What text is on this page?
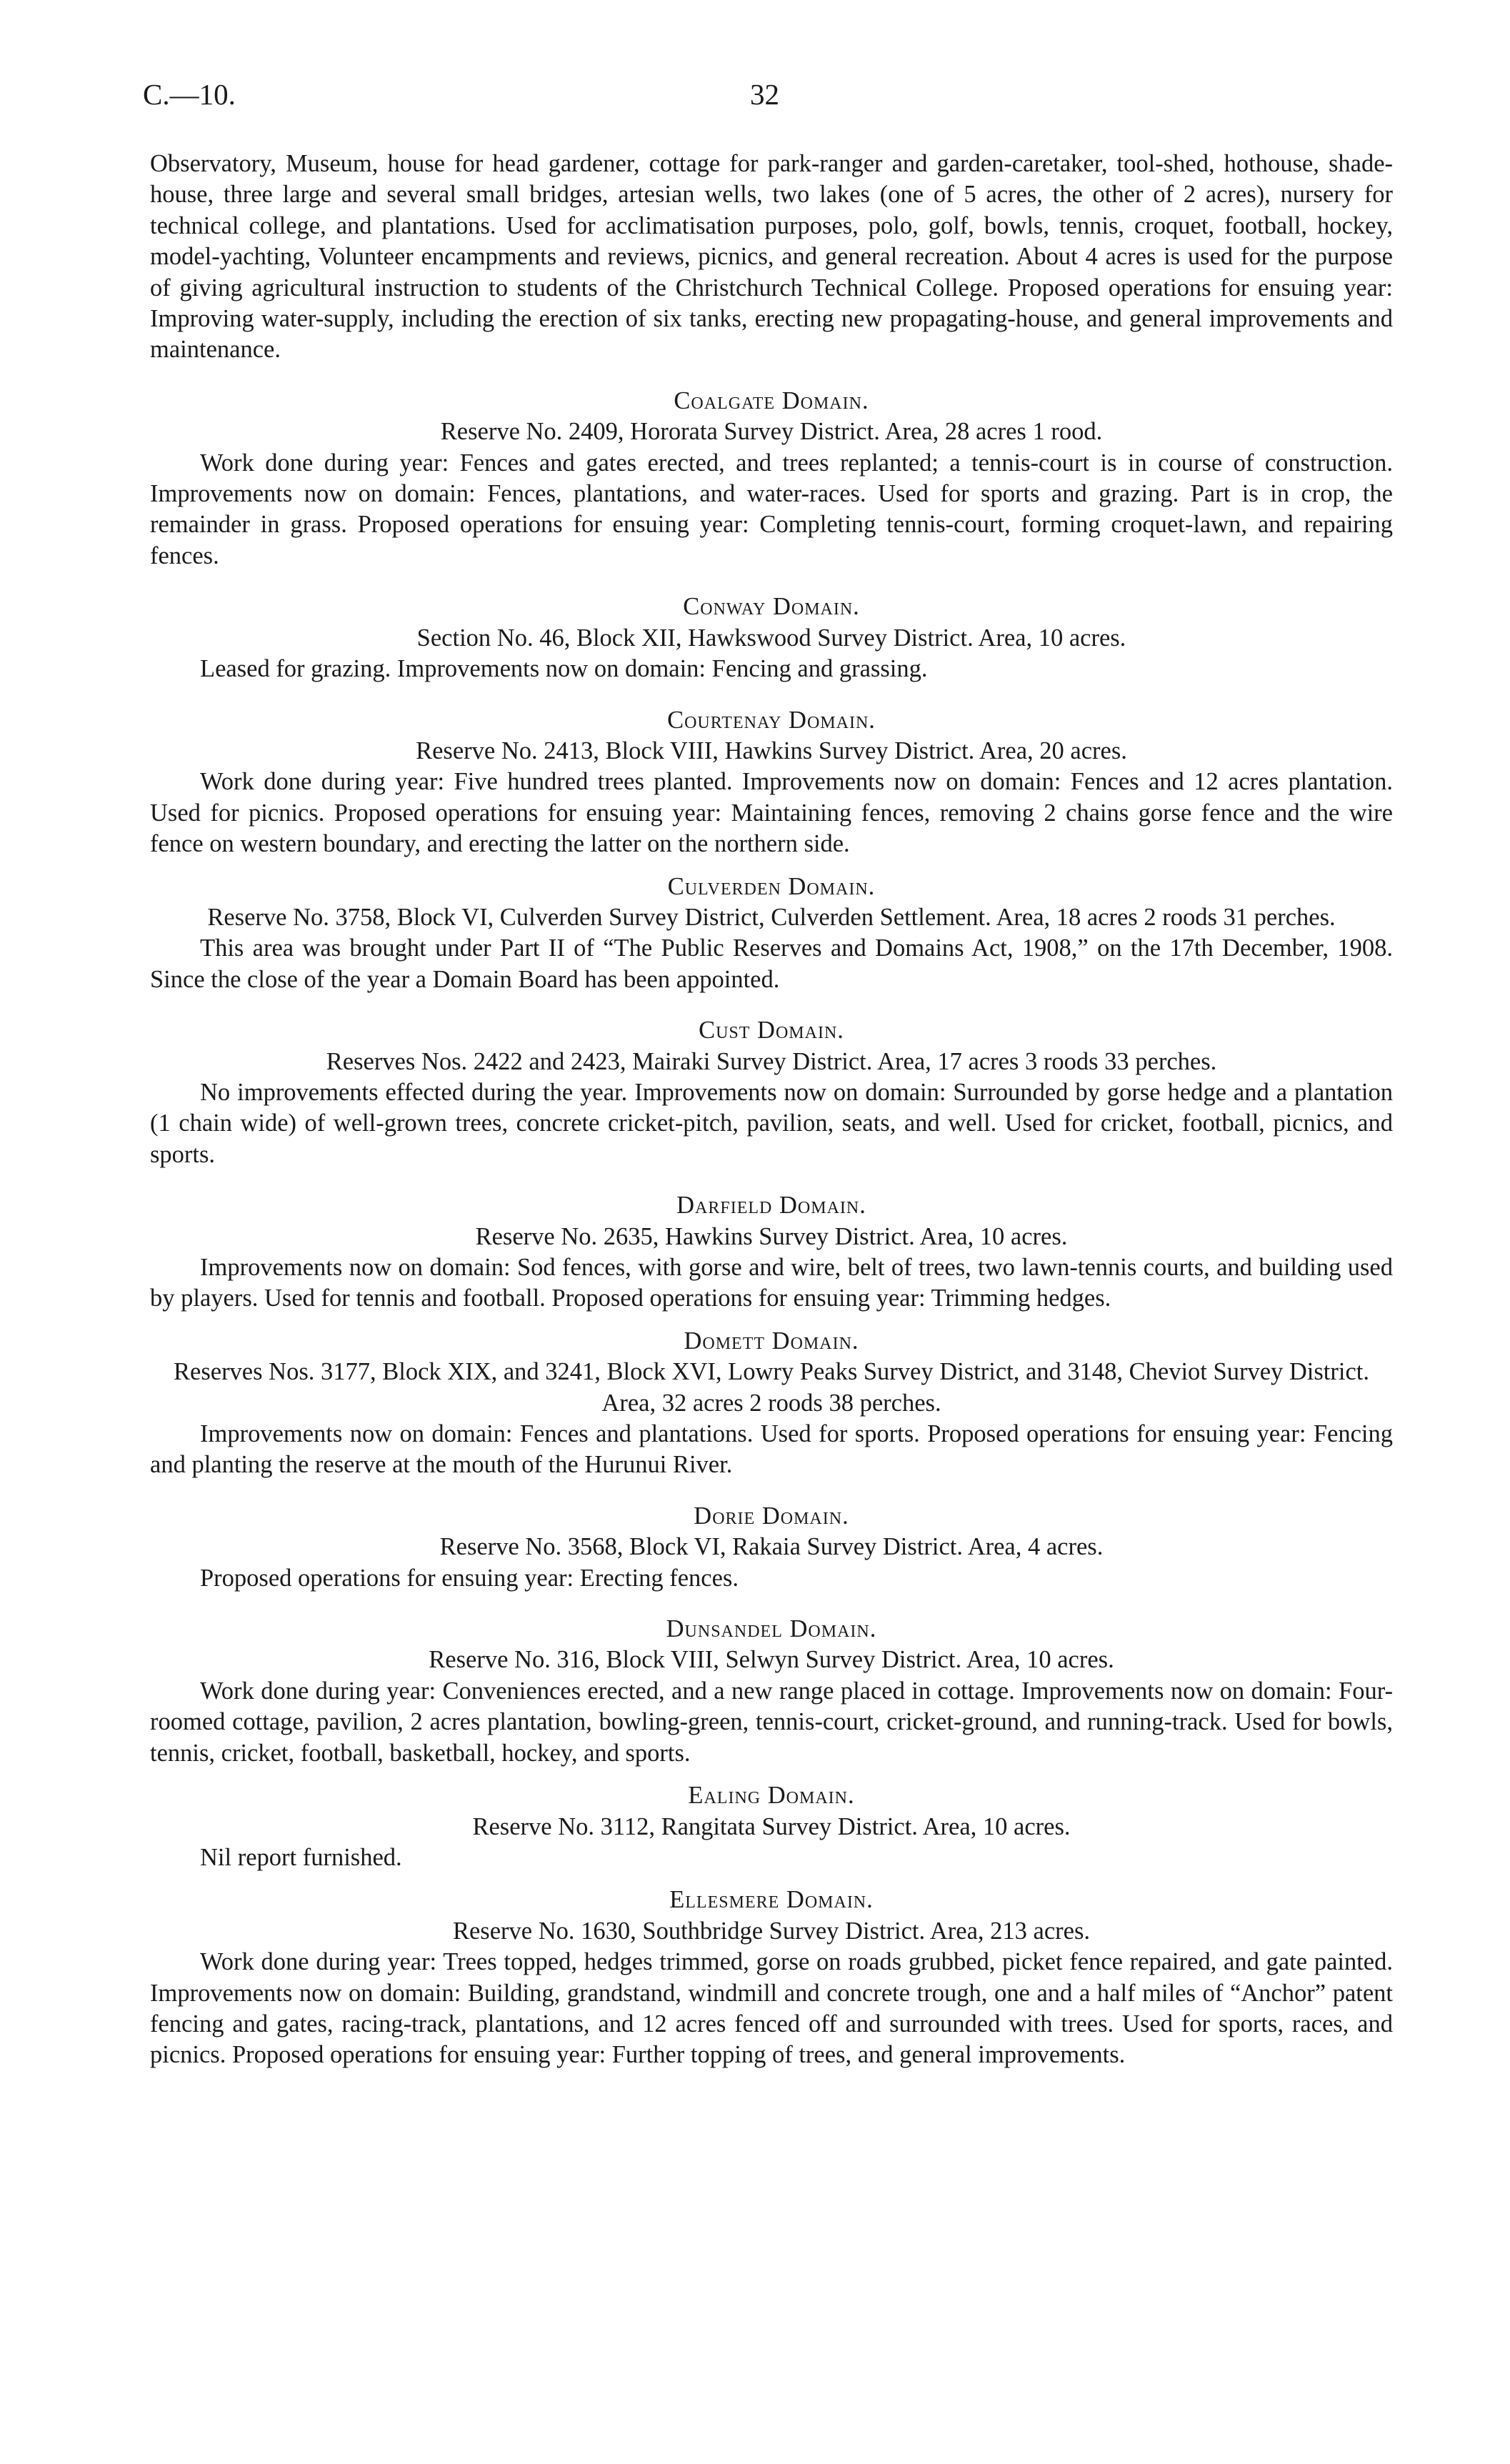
C.—10.	32

Observatory, Museum, house for head gardener, cottage for park-ranger and garden-caretaker, tool-shed, hothouse, shade-house, three large and several small bridges, artesian wells, two lakes (one of 5 acres, the other of 2 acres), nursery for technical college, and plantations. Used for acclimatisation purposes, polo, golf, bowls, tennis, croquet, football, hockey, model-yachting, Volunteer encampments and reviews, picnics, and general recreation. About 4 acres is used for the purpose of giving agricultural instruction to students of the Christchurch Technical College. Proposed operations for ensuing year: Improving water-supply, including the erection of six tanks, erecting new propagating-house, and general improvements and maintenance.

Coalgate Domain.

Reserve No. 2409, Hororata Survey District. Area, 28 acres 1 rood.

Work done during year: Fences and gates erected, and trees replanted; a tennis-court is in course of construction. Improvements now on domain: Fences, plantations, and water-races. Used for sports and grazing. Part is in crop, the remainder in grass. Proposed operations for ensuing year: Completing tennis-court, forming croquet-lawn, and repairing fences.

Conway Domain.

Section No. 46, Block XII, Hawkswood Survey District. Area, 10 acres.

Leased for grazing. Improvements now on domain: Fencing and grassing.

Courtenay Domain.

Reserve No. 2413, Block VIII, Hawkins Survey District. Area, 20 acres.

Work done during year: Five hundred trees planted. Improvements now on domain: Fences and 12 acres plantation. Used for picnics. Proposed operations for ensuing year: Maintaining fences, removing 2 chains gorse fence and the wire fence on western boundary, and erecting the latter on the northern side.

Culverden Domain.

Reserve No. 3758, Block VI, Culverden Survey District, Culverden Settlement. Area, 18 acres 2 roods 31 perches.

This area was brought under Part II of “The Public Reserves and Domains Act, 1908,” on the 17th December, 1908. Since the close of the year a Domain Board has been appointed.

Cust Domain.

Reserves Nos. 2422 and 2423, Mairaki Survey District. Area, 17 acres 3 roods 33 perches.

No improvements effected during the year. Improvements now on domain: Surrounded by gorse hedge and a plantation (1 chain wide) of well-grown trees, concrete cricket-pitch, pavilion, seats, and well. Used for cricket, football, picnics, and sports.

Darfield Domain.

Reserve No. 2635, Hawkins Survey District. Area, 10 acres.

Improvements now on domain: Sod fences, with gorse and wire, belt of trees, two lawn-tennis courts, and building used by players. Used for tennis and football. Proposed operations for ensuing year: Trimming hedges.

Domett Domain.

Reserves Nos. 3177, Block XIX, and 3241, Block XVI, Lowry Peaks Survey District, and 3148, Cheviot Survey District. Area, 32 acres 2 roods 38 perches.

Improvements now on domain: Fences and plantations. Used for sports. Proposed operations for ensuing year: Fencing and planting the reserve at the mouth of the Hurunui River.

Dorie Domain.

Reserve No. 3568, Block VI, Rakaia Survey District. Area, 4 acres.

Proposed operations for ensuing year: Erecting fences.

Dunsandel Domain.

Reserve No. 316, Block VIII, Selwyn Survey District. Area, 10 acres.

Work done during year: Conveniences erected, and a new range placed in cottage. Improvements now on domain: Four-roomed cottage, pavilion, 2 acres plantation, bowling-green, tennis-court, cricket-ground, and running-track. Used for bowls, tennis, cricket, football, basketball, hockey, and sports.

Ealing Domain.

Reserve No. 3112, Rangitata Survey District. Area, 10 acres.

Nil report furnished.

Ellesmere Domain.

Reserve No. 1630, Southbridge Survey District. Area, 213 acres.

Work done during year: Trees topped, hedges trimmed, gorse on roads grubbed, picket fence repaired, and gate painted. Improvements now on domain: Building, grandstand, windmill and concrete trough, one and a half miles of “Anchor” patent fencing and gates, racing-track, plantations, and 12 acres fenced off and surrounded with trees. Used for sports, races, and picnics. Proposed operations for ensuing year: Further topping of trees, and general improvements.
